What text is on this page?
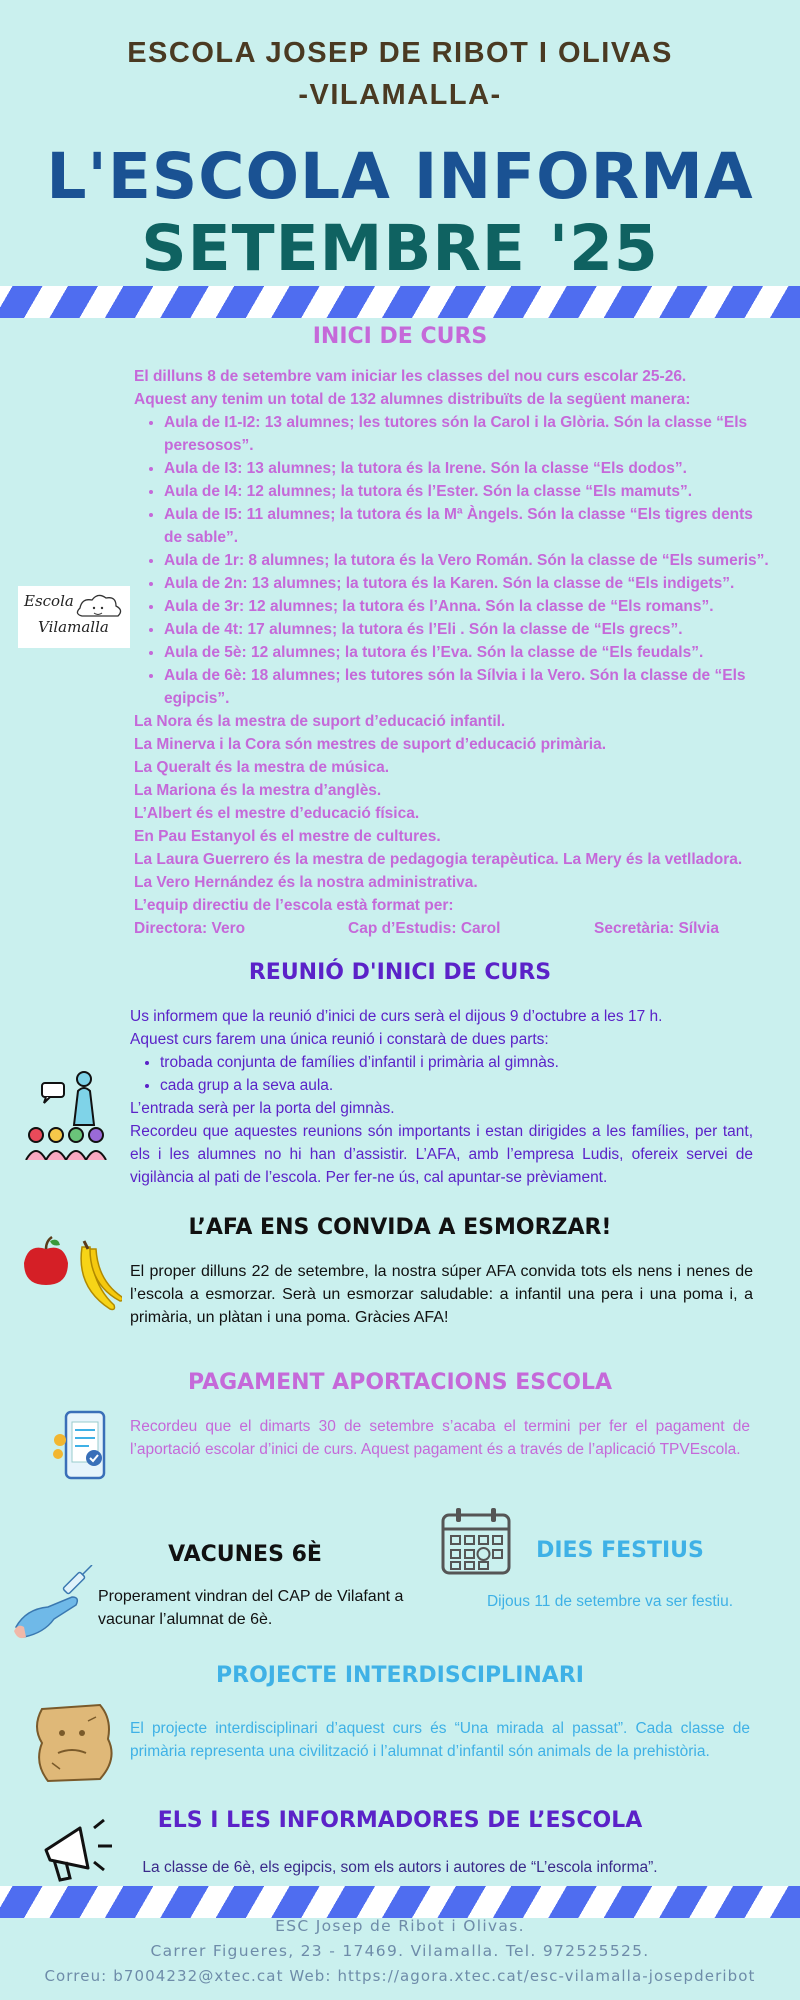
ESCOLA JOSEP DE RIBOT I OLIVAS
-VILAMALLA-
L'ESCOLA INFORMA
SETEMBRE '25
INICI DE CURS
Escola
Vilamalla

El dilluns 8 de setembre vam iniciar les classes del nou curs escolar 25-26.

Aquest any tenim un total de 132 alumnes distribuïts de la següent manera:

• Aula de I1-I2: 13 alumnes; les tutores són la Carol i la Glòria. Són la classe “Els peresosos”.
• Aula de I3: 13 alumnes; la tutora és la Irene. Són la classe “Els dodos”.
• Aula de I4: 12 alumnes; la tutora és l’Ester. Són la classe “Els mamuts”.
• Aula de I5: 11 alumnes; la tutora és la Mª Àngels. Són la classe “Els tigres dents de sable”.
• Aula de 1r: 8 alumnes; la tutora és la Vero Román. Són la classe de “Els sumeris”.
• Aula de 2n: 13 alumnes; la tutora és la Karen. Són la classe de “Els indigets”.
• Aula de 3r: 12 alumnes; la tutora és l’Anna. Són la classe de “Els romans”.
• Aula de 4t: 17 alumnes; la tutora és l’Eli . Són la classe de “Els grecs”.
• Aula de 5è: 12 alumnes; la tutora és l’Eva. Són la classe de “Els feudals”.
• Aula de 6è: 18 alumnes; les tutores són la Sílvia i la Vero. Són la classe de “Els egipcis”.

La Nora és la mestra de suport d’educació infantil.

La Minerva i la Cora són mestres de suport d’educació primària.

La Queralt és la mestra de música.

La Mariona és la mestra d’anglès.

L’Albert és el mestre d’educació física.

En Pau Estanyol és el mestre de cultures.

La Laura Guerrero és la mestra de pedagogia terapèutica. La Mery és la vetlladora.

La Vero Hernández és la nostra administrativa.

L’equip directiu de l’escola està format per:

Directora: Vero	Cap d’Estudis: Carol	Secretària: Sílvia
REUNIÓ D'INICI DE CURS

Us informem que la reunió d’inici de curs serà el dijous 9 d’octubre a les 17 h.

Aquest curs farem una única reunió i constarà de dues parts:

• trobada conjunta de famílies d’infantil i primària al gimnàs.
• cada grup a la seva aula.

L’entrada serà per la porta del gimnàs.

Recordeu que aquestes reunions són importants i estan dirigides a les famílies, per tant, els i les alumnes no hi han d’assistir. L’AFA, amb l’empresa Ludis, ofereix servei de vigilància al pati de l’escola. Per fer-ne ús, cal apuntar-se prèviament.

L’AFA ENS CONVIDA A ESMORZAR!
El proper dilluns 22 de setembre, la nostra súper AFA convida tots els nens i nenes de l’escola a esmorzar. Serà un esmorzar saludable: a infantil una pera i una poma i, a primària, un plàtan i una poma. Gràcies AFA!
PAGAMENT APORTACIONS ESCOLA
Recordeu que el dimarts 30 de setembre s’acaba el termini per fer el pagament de l’aportació escolar d’inici de curs. Aquest pagament és a través de l’aplicació TPVEscola.
VACUNES 6È	DIES FESTIUS
Properament vindran del CAP de Vilafant a vacunar l’alumnat de 6è.
Dijous 11 de setembre va ser festiu.
PROJECTE INTERDISCIPLINARI
El projecte interdisciplinari d’aquest curs és “Una mirada al passat”. Cada classe de primària representa una civilització i l’alumnat d’infantil són animals de la prehistòria.
ELS I LES INFORMADORES DE L’ESCOLA
La classe de 6è, els egipcis, som els autors i autores de “L’escola informa”.
ESC Josep de Ribot i Olivas.
Carrer Figueres, 23 - 17469. Vilamalla. Tel. 972525525.
Correu: b7004232@xtec.cat Web: https://agora.xtec.cat/esc-vilamalla-josepderibot
